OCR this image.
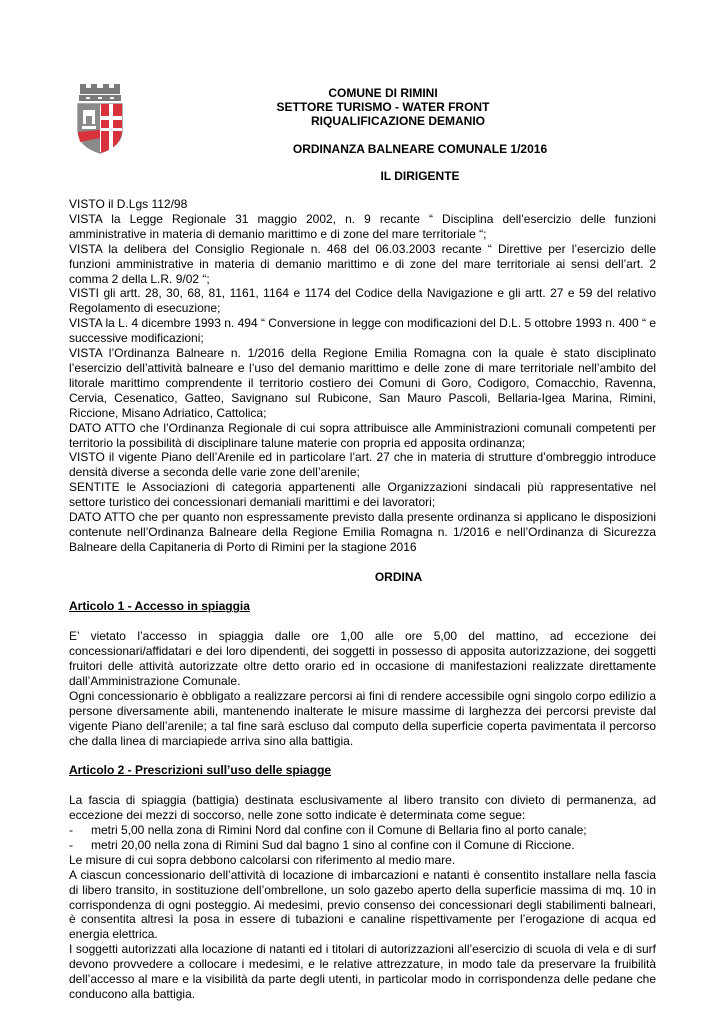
COMUNE DI RIMINI
SETTORE TURISMO - WATER FRONT
RIQUALIFICAZIONE DEMANIO
ORDINANZA BALNEARE COMUNALE 1/2016
IL DIRIGENTE

VISTO il D.Lgs 112/98

VISTA la Legge Regionale 31 maggio 2002, n. 9 recante “ Disciplina dell’esercizio delle funzioni amministrative in materia di demanio marittimo e di zone del mare territoriale “;

VISTA la delibera del Consiglio Regionale n. 468 del 06.03.2003 recante “ Direttive per l’esercizio delle funzioni amministrative in materia di demanio marittimo e di zone del mare territoriale ai sensi dell’art. 2 comma 2 della L.R. 9/02 “;

VISTI gli artt. 28, 30, 68, 81, 1161, 1164 e 1174 del Codice della Navigazione e gli artt. 27 e 59 del relativo Regolamento di esecuzione;

VISTA la L. 4 dicembre 1993 n. 494 “ Conversione in legge con modificazioni del D.L. 5 ottobre 1993 n. 400 “ e successive modificazioni;

VISTA l’Ordinanza Balneare n. 1/2016 della Regione Emilia Romagna con la quale è stato disciplinato l’esercizio dell’attività balneare e l’uso del demanio marittimo e delle zone di mare territoriale nell’ambito del litorale marittimo comprendente il territorio costiero dei Comuni di Goro, Codigoro, Comacchio, Ravenna, Cervia, Cesenatico, Gatteo, Savignano sul Rubicone, San Mauro Pascoli, Bellaria-Igea Marina, Rimini, Riccione, Misano Adriatico, Cattolica;

DATO ATTO che l’Ordinanza Regionale di cui sopra attribuisce alle Amministrazioni comunali competenti per territorio la possibilità di disciplinare talune materie con propria ed apposita ordinanza;

VISTO il vigente Piano dell’Arenile ed in particolare l’art. 27 che in materia di strutture d’ombreggio introduce densità diverse a seconda delle varie zone dell’arenile;

SENTITE le Associazioni di categoria appartenenti alle Organizzazioni sindacali più rappresentative nel settore turistico dei concessionari demaniali marittimi e dei lavoratori;

DATO ATTO che per quanto non espressamente previsto dalla presente ordinanza si applicano le disposizioni contenute nell’Ordinanza Balneare della Regione Emilia Romagna n. 1/2016 e nell’Ordinanza di Sicurezza Balneare della Capitaneria di Porto di Rimini per la stagione 2016

ORDINA

Articolo 1 - Accesso in spiaggia

E’ vietato l’accesso in spiaggia dalle ore 1,00 alle ore 5,00 del mattino, ad eccezione dei concessionari/affidatari e dei loro dipendenti, dei soggetti in possesso di apposita autorizzazione, dei soggetti fruitori delle attività autorizzate oltre detto orario ed in occasione di manifestazioni realizzate direttamente dall’Amministrazione Comunale.

Ogni concessionario è obbligato a realizzare percorsi ai fini di rendere accessibile ogni singolo corpo edilizio a persone diversamente abili, mantenendo inalterate le misure massime di larghezza dei percorsi previste dal vigente Piano dell’arenile; a tal fine sarà escluso dal computo della superficie coperta pavimentata il percorso che dalla linea di marciapiede arriva sino alla battigia.

Articolo 2 - Prescrizioni sull’uso delle spiagge

La fascia di spiaggia (battigia) destinata esclusivamente al libero transito con divieto di permanenza, ad eccezione dei mezzi di soccorso, nelle zone sotto indicate è determinata come segue:

- metri 5,00 nella zona di Rimini Nord dal confine con il Comune di Bellaria fino al porto canale;

- metri 20,00 nella zona di Rimini Sud dal bagno 1 sino al confine con il Comune di Riccione.

Le misure di cui sopra debbono calcolarsi con riferimento al medio mare.

A ciascun concessionario dell’attività di locazione di imbarcazioni e natanti è consentito installare nella fascia di libero transito, in sostituzione dell’ombrellone, un solo gazebo aperto della superficie massima di mq. 10 in corrispondenza di ogni posteggio. Ai medesimi, previo consenso dei concessionari degli stabilimenti balneari, è consentita altresì la posa in essere di tubazioni e canaline rispettivamente per l’erogazione di acqua ed energia elettrica.

I soggetti autorizzati alla locazione di natanti ed i titolari di autorizzazioni all’esercizio di scuola di vela e di surf devono provvedere a collocare i medesimi, e le relative attrezzature, in modo tale da preservare la fruibilità dell’accesso al mare e la visibilità da parte degli utenti, in particolar modo in corrispondenza delle pedane che conducono alla battigia.
